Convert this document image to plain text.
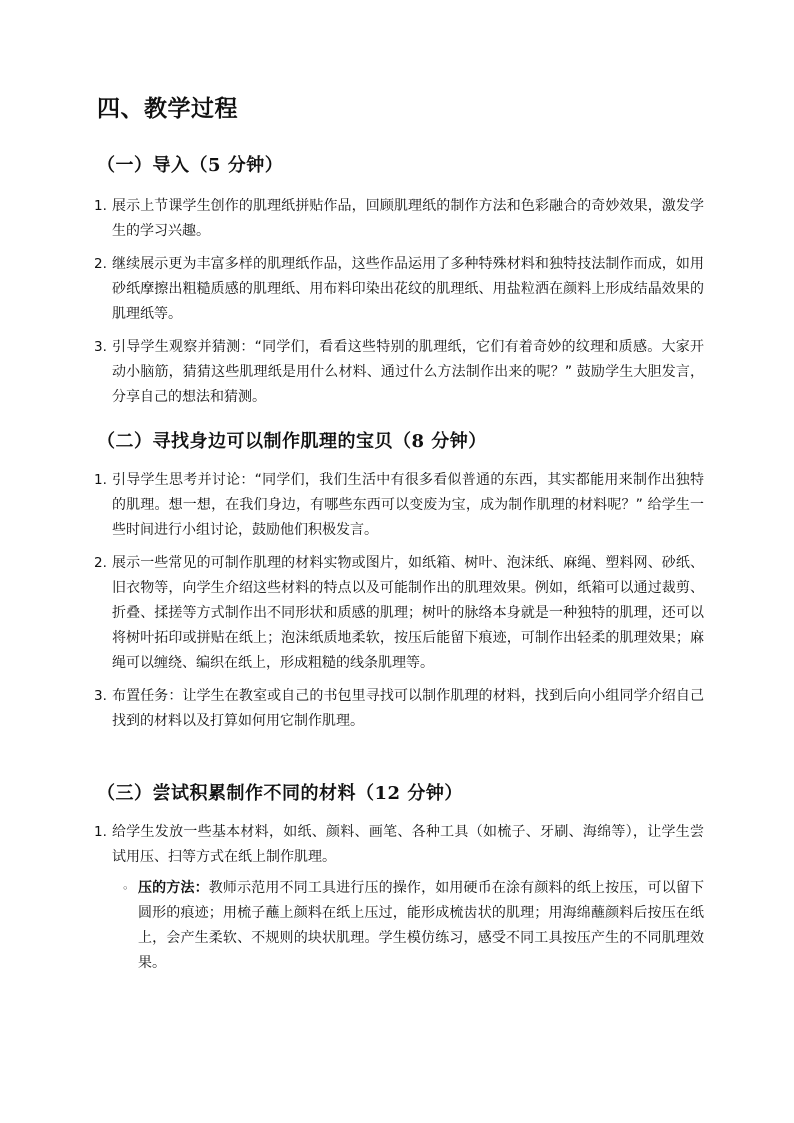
四、教学过程
（一）导入（5 分钟）
1. 展示上节课学生创作的肌理纸拼贴作品，回顾肌理纸的制作方法和色彩融合的奇妙效果，激发学生的学习兴趣。
2. 继续展示更为丰富多样的肌理纸作品，这些作品运用了多种特殊材料和独特技法制作而成，如用砂纸摩擦出粗糙质感的肌理纸、用布料印染出花纹的肌理纸、用盐粒洒在颜料上形成结晶效果的肌理纸等。
3. 引导学生观察并猜测：“同学们，看看这些特别的肌理纸，它们有着奇妙的纹理和质感。大家开动小脑筋，猜猜这些肌理纸是用什么材料、通过什么方法制作出来的呢？” 鼓励学生大胆发言，分享自己的想法和猜测。
（二）寻找身边可以制作肌理的宝贝（8 分钟）
1. 引导学生思考并讨论：“同学们，我们生活中有很多看似普通的东西，其实都能用来制作出独特的肌理。想一想，在我们身边，有哪些东西可以变废为宝，成为制作肌理的材料呢？” 给学生一些时间进行小组讨论，鼓励他们积极发言。
2. 展示一些常见的可制作肌理的材料实物或图片，如纸箱、树叶、泡沫纸、麻绳、塑料网、砂纸、旧衣物等，向学生介绍这些材料的特点以及可能制作出的肌理效果。例如，纸箱可以通过裁剪、折叠、揉搓等方式制作出不同形状和质感的肌理；树叶的脉络本身就是一种独特的肌理，还可以将树叶拓印或拼贴在纸上；泡沫纸质地柔软，按压后能留下痕迹，可制作出轻柔的肌理效果；麻绳可以缠绕、编织在纸上，形成粗糙的线条肌理等。
3. 布置任务：让学生在教室或自己的书包里寻找可以制作肌理的材料，找到后向小组同学介绍自己找到的材料以及打算如何用它制作肌理。
（三）尝试积累制作不同的材料（12 分钟）
1. 给学生发放一些基本材料，如纸、颜料、画笔、各种工具（如梳子、牙刷、海绵等），让学生尝试用压、扫等方式在纸上制作肌理。
◦ 压的方法：教师示范用不同工具进行压的操作，如用硬币在涂有颜料的纸上按压，可以留下圆形的痕迹；用梳子蘸上颜料在纸上压过，能形成梳齿状的肌理；用海绵蘸颜料后按压在纸上，会产生柔软、不规则的块状肌理。学生模仿练习，感受不同工具按压产生的不同肌理效果。
